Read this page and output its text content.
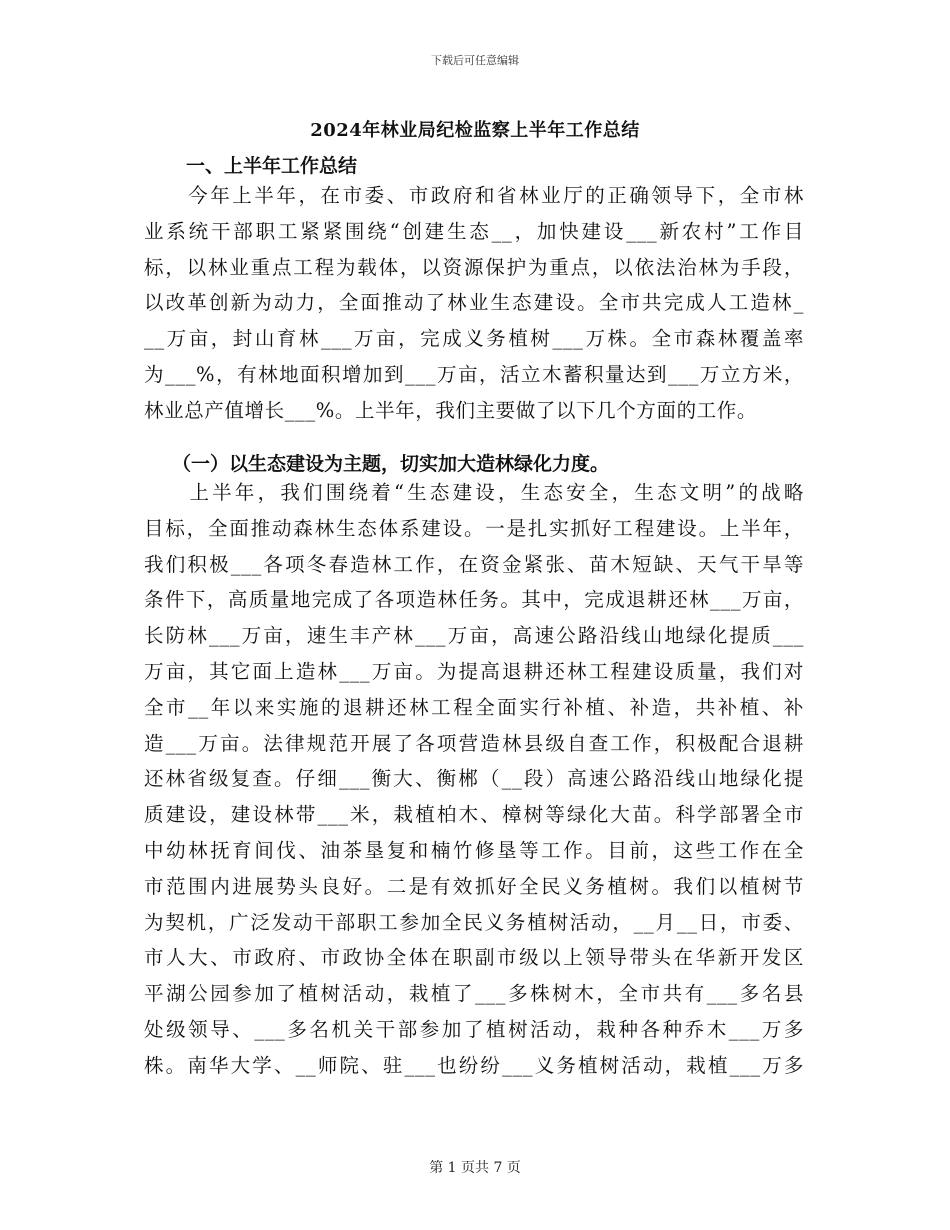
下载后可任意编辑
2024年林业局纪检监察上半年工作总结
一、上半年工作总结
　　今年上半年，在市委、市政府和省林业厅的正确领导下，全市林
业系统干部职工紧紧围绕“创建生态__，加快建设___新农村”工作目
标，以林业重点工程为载体，以资源保护为重点，以依法治林为手段，
以改革创新为动力，全面推动了林业生态建设。全市共完成人工造林_
__万亩，封山育林___万亩，完成义务植树___万株。全市森林覆盖率
为___%，有林地面积增加到___万亩，活立木蓄积量达到___万立方米，
林业总产值增长___%。上半年，我们主要做了以下几个方面的工作。
（一）以生态建设为主题，切实加大造林绿化力度。
　　上半年，我们围绕着“生态建设，生态安全，生态文明”的战略
目标，全面推动森林生态体系建设。一是扎实抓好工程建设。上半年，
我们积极___各项冬春造林工作，在资金紧张、苗木短缺、天气干旱等
条件下，高质量地完成了各项造林任务。其中，完成退耕还林___万亩，
长防林___万亩，速生丰产林___万亩，高速公路沿线山地绿化提质___
万亩，其它面上造林___万亩。为提高退耕还林工程建设质量，我们对
全市__年以来实施的退耕还林工程全面实行补植、补造，共补植、补
造___万亩。法律规范开展了各项营造林县级自查工作，积极配合退耕
还林省级复查。仔细___衡大、衡郴（__段）高速公路沿线山地绿化提
质建设，建设林带___米，栽植柏木、樟树等绿化大苗。科学部署全市
中幼林抚育间伐、油茶垦复和楠竹修垦等工作。目前，这些工作在全
市范围内进展势头良好。二是有效抓好全民义务植树。我们以植树节
为契机，广泛发动干部职工参加全民义务植树活动，__月__日，市委、
市人大、市政府、市政协全体在职副市级以上领导带头在华新开发区
平湖公园参加了植树活动，栽植了___多株树木，全市共有___多名县
处级领导、___多名机关干部参加了植树活动，栽种各种乔木___万多
株。南华大学、__师院、驻___也纷纷___义务植树活动，栽植___万多
第 1 页共 7 页
